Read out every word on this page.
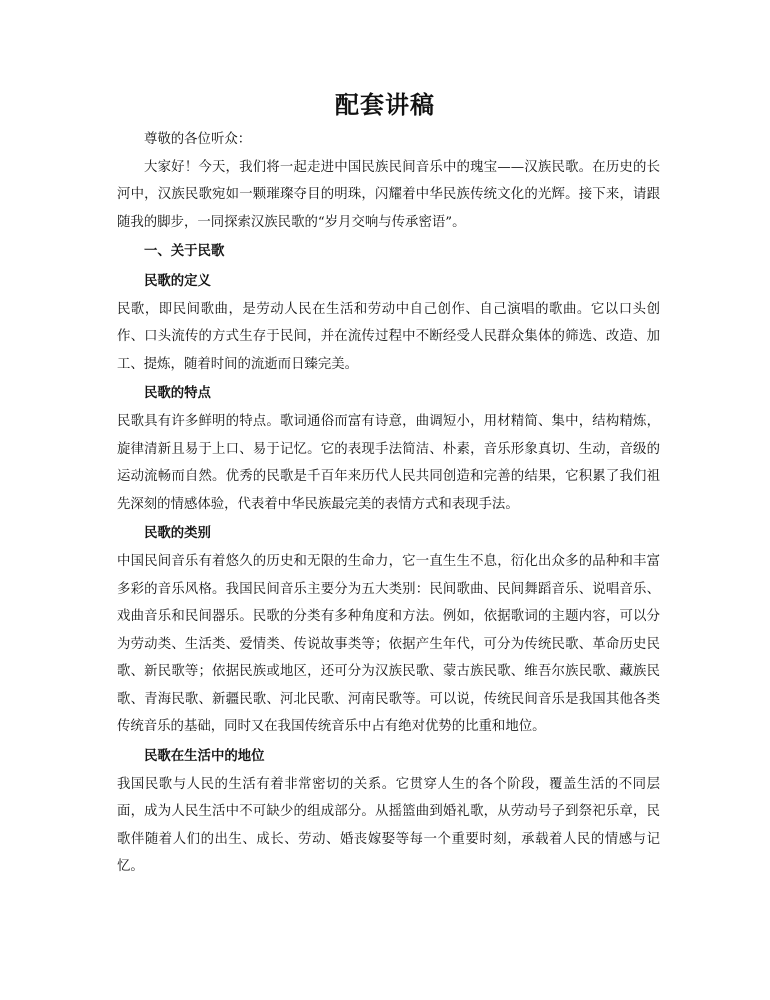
配套讲稿

尊敬的各位听众：

大家好！今天，我们将一起走进中国民族民间音乐中的瑰宝——汉族民歌。在历史的长河中，汉族民歌宛如一颗璀璨夺目的明珠，闪耀着中华民族传统文化的光辉。接下来，请跟随我的脚步，一同探索汉族民歌的“岁月交响与传承密语”。

一、关于民歌

民歌的定义

民歌，即民间歌曲，是劳动人民在生活和劳动中自己创作、自己演唱的歌曲。它以口头创作、口头流传的方式生存于民间，并在流传过程中不断经受人民群众集体的筛选、改造、加工、提炼，随着时间的流逝而日臻完美。

民歌的特点

民歌具有许多鲜明的特点。歌词通俗而富有诗意，曲调短小，用材精简、集中，结构精炼，旋律清新且易于上口、易于记忆。它的表现手法简洁、朴素，音乐形象真切、生动，音级的运动流畅而自然。优秀的民歌是千百年来历代人民共同创造和完善的结果，它积累了我们祖先深刻的情感体验，代表着中华民族最完美的表情方式和表现手法。

民歌的类别

中国民间音乐有着悠久的历史和无限的生命力，它一直生生不息，衍化出众多的品种和丰富多彩的音乐风格。我国民间音乐主要分为五大类别：民间歌曲、民间舞蹈音乐、说唱音乐、戏曲音乐和民间器乐。民歌的分类有多种角度和方法。例如，依据歌词的主题内容，可以分为劳动类、生活类、爱情类、传说故事类等；依据产生年代，可分为传统民歌、革命历史民歌、新民歌等；依据民族或地区，还可分为汉族民歌、蒙古族民歌、维吾尔族民歌、藏族民歌、青海民歌、新疆民歌、河北民歌、河南民歌等。可以说，传统民间音乐是我国其他各类传统音乐的基础，同时又在我国传统音乐中占有绝对优势的比重和地位。

民歌在生活中的地位

我国民歌与人民的生活有着非常密切的关系。它贯穿人生的各个阶段，覆盖生活的不同层面，成为人民生活中不可缺少的组成部分。从摇篮曲到婚礼歌，从劳动号子到祭祀乐章，民歌伴随着人们的出生、成长、劳动、婚丧嫁娶等每一个重要时刻，承载着人民的情感与记忆。
